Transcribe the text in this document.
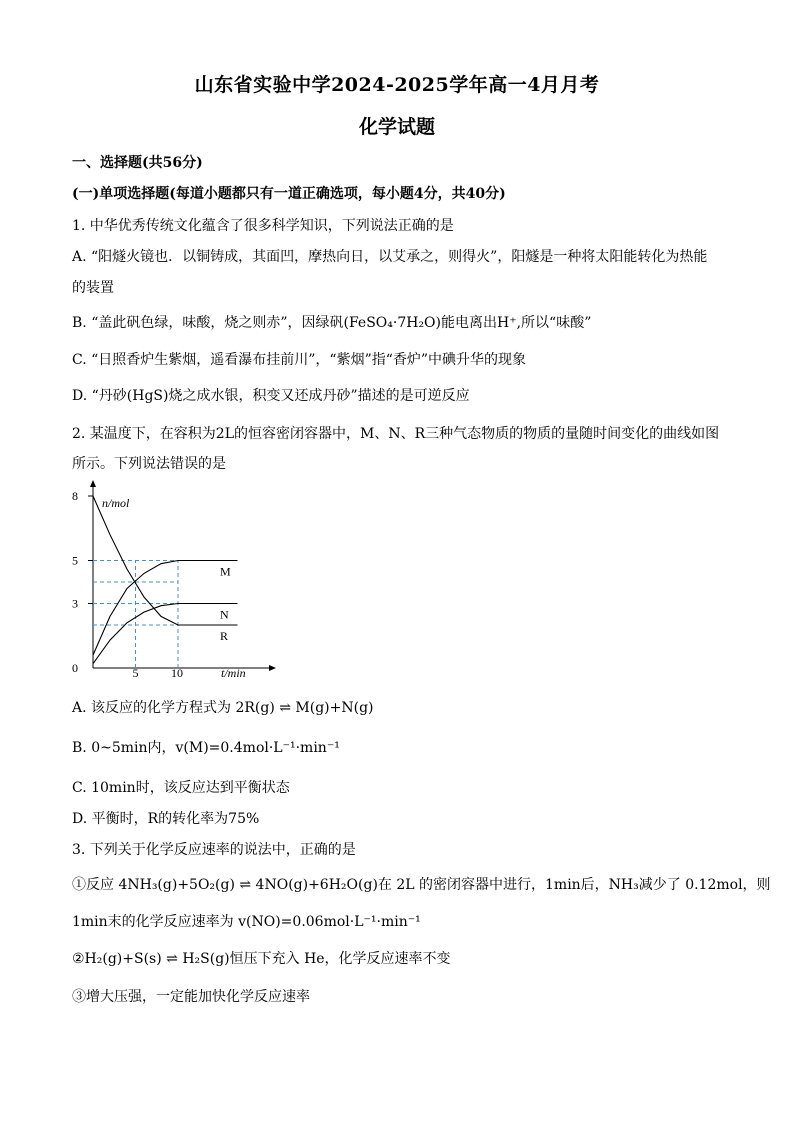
山东省实验中学2024-2025学年高一4月月考
化学试题
一、选择题(共56分)
(一)单项选择题(每道小题都只有一道正确选项，每小题4分，共40分)
1. 中华优秀传统文化蕴含了很多科学知识，下列说法正确的是
A. “阳燧火镜也．以铜铸成，其面凹，摩热向日，以艾承之，则得火”，阳燧是一种将太阳能转化为热能
的装置
B. “盖此矾色绿，味酸，烧之则赤”，因绿矾(FeSO₄·7H₂O)能电离出H⁺,所以“味酸”
C. “日照香炉生紫烟，遥看瀑布挂前川”，“紫烟”指“香炉”中碘升华的现象
D. “丹砂(HgS)烧之成水银，积变又还成丹砂”描述的是可逆反应
2. 某温度下，在容积为2L的恒容密闭容器中，M、N、R三种气态物质的物质的量随时间变化的曲线如图
所示。下列说法错误的是
0
3
5
8
5	10
M
N
R
n/mol
t/min
A. 该反应的化学方程式为 2R(g) ⇌ M(g)+N(g)
B. 0~5min内，v(M)=0.4mol·L⁻¹·min⁻¹
C. 10min时，该反应达到平衡状态
D. 平衡时，R的转化率为75%
3. 下列关于化学反应速率的说法中，正确的是
①反应 4NH₃(g)+5O₂(g) ⇌ 4NO(g)+6H₂O(g)在 2L 的密闭容器中进行，1min后，NH₃减少了 0.12mol，则
1min末的化学反应速率为 v(NO)=0.06mol·L⁻¹·min⁻¹
②H₂(g)+S(s) ⇌ H₂S(g)恒压下充入 He，化学反应速率不变
③增大压强，一定能加快化学反应速率
